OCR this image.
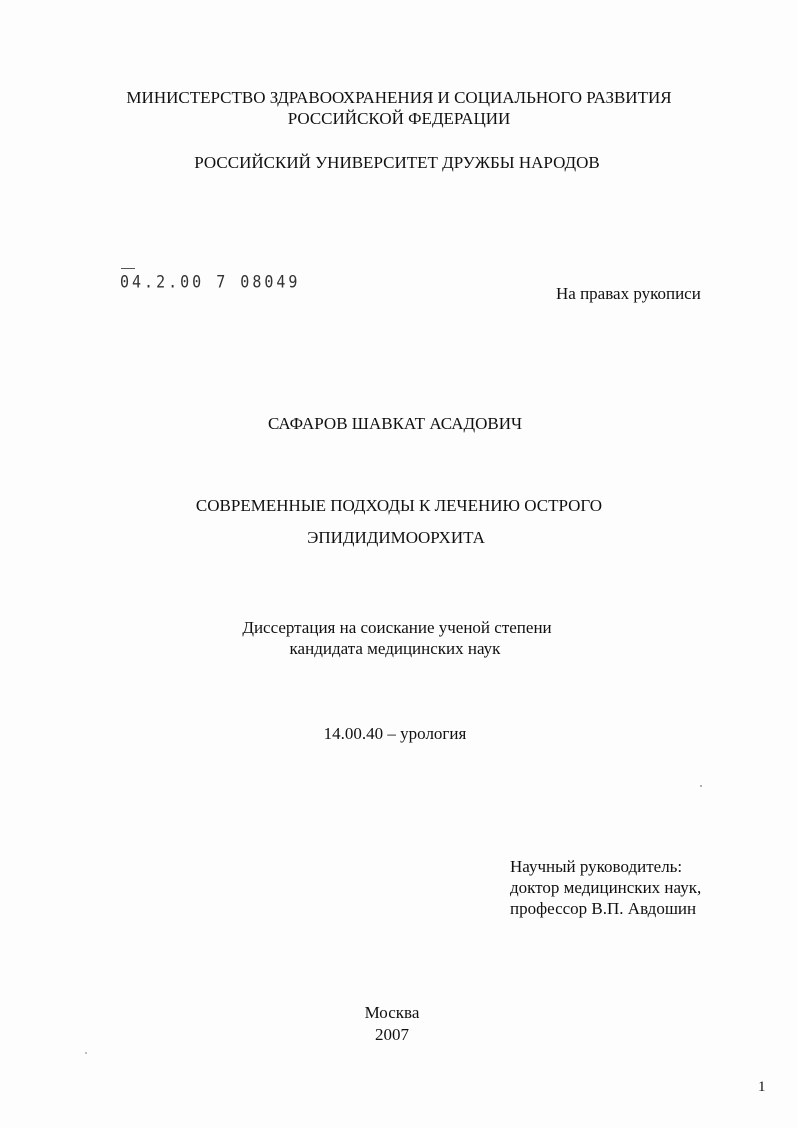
МИНИСТЕРСТВО ЗДРАВООХРАНЕНИЯ И СОЦИАЛЬНОГО РАЗВИТИЯ
РОССИЙСКОЙ ФЕДЕРАЦИИ
РОССИЙСКИЙ УНИВЕРСИТЕТ ДРУЖБЫ НАРОДОВ
04.2.00 7 08049
На правах рукописи
САФАРОВ ШАВКАТ АСАДОВИЧ
СОВРЕМЕННЫЕ ПОДХОДЫ К ЛЕЧЕНИЮ ОСТРОГО
ЭПИДИДИМООРХИТА
Диссертация на соискание ученой степени
кандидата медицинских наук
14.00.40 – урология
Научный руководитель:
доктор медицинских наук,
профессор В.П. Авдошин
Москва
2007
1
